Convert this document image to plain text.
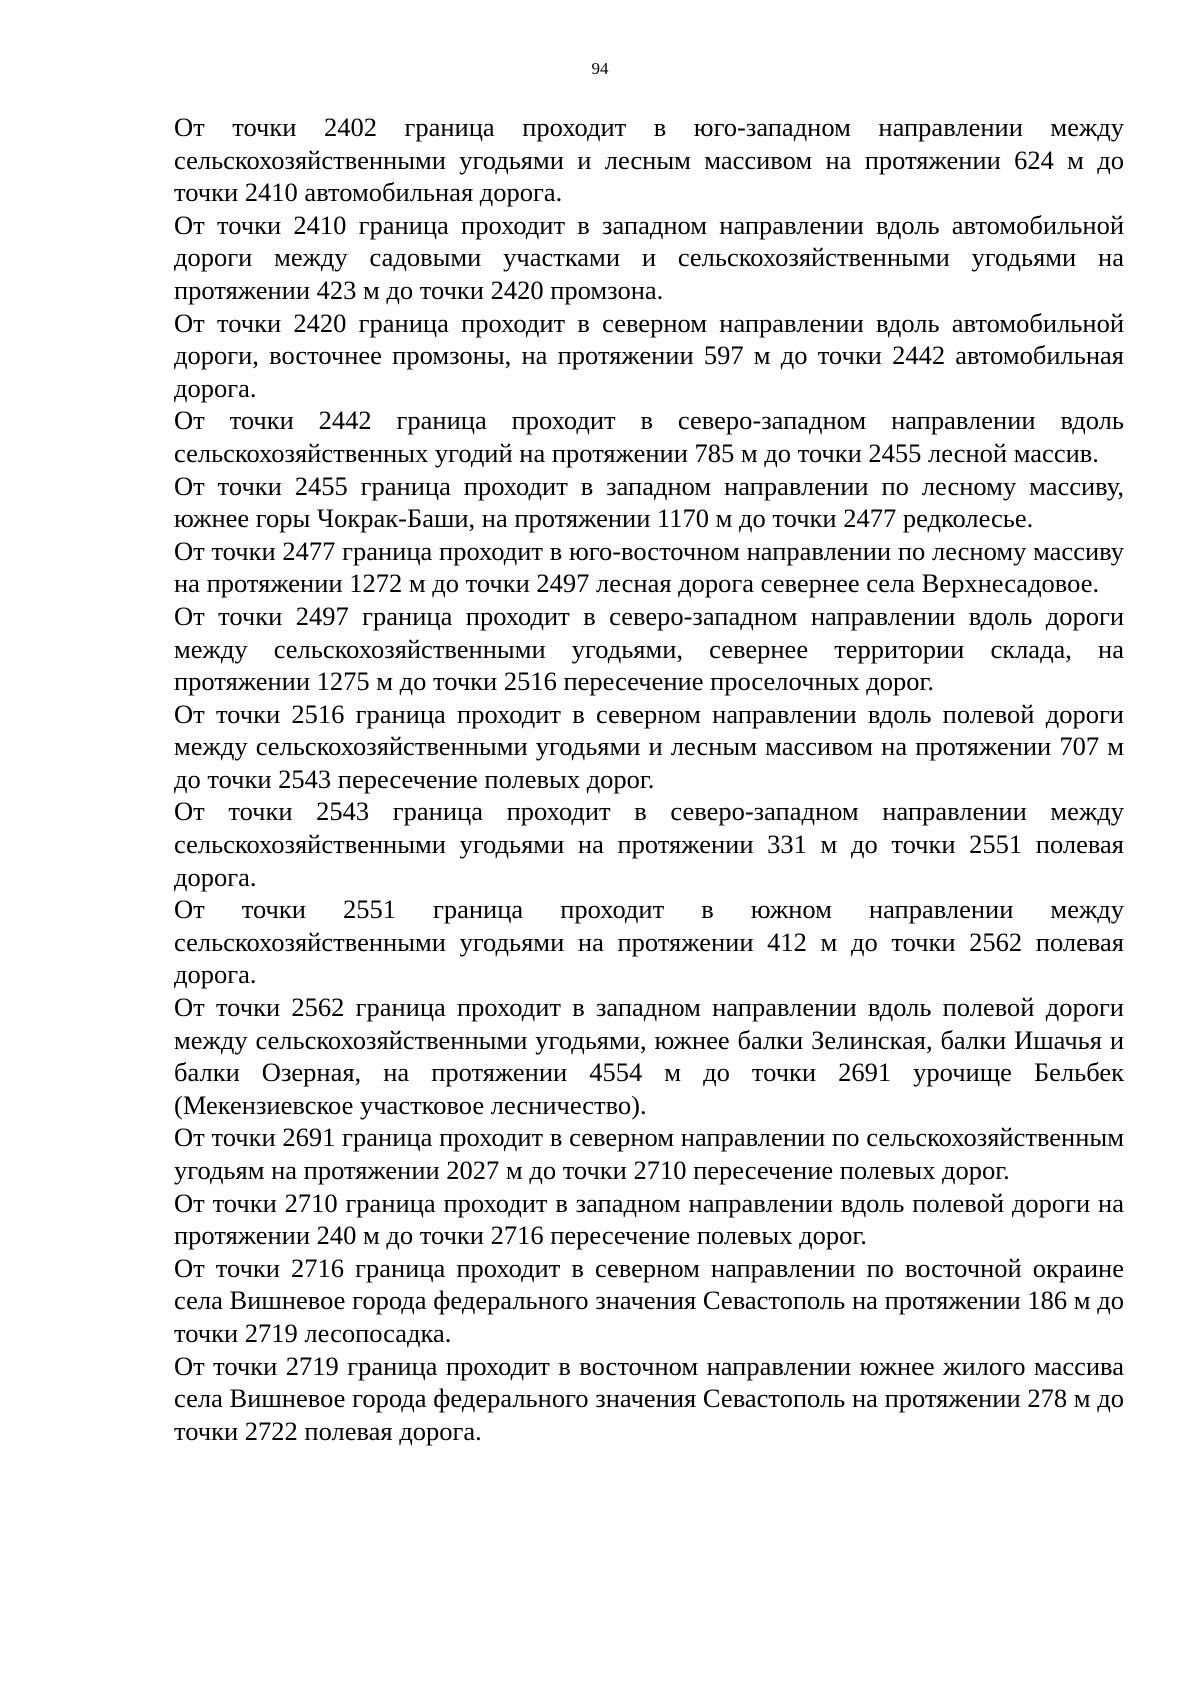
94

От точки 2402 граница проходит в юго-западном направлении между сельскохозяйственными угодьями и лесным массивом на протяжении 624 м до точки 2410 автомобильная дорога.

От точки 2410 граница проходит в западном направлении вдоль автомобильной дороги между садовыми участками и сельскохозяйственными угодьями на протяжении 423 м до точки 2420 промзона.

От точки 2420 граница проходит в северном направлении вдоль автомобильной дороги, восточнее промзоны, на протяжении 597 м до точки 2442 автомобильная дорога.

От точки 2442 граница проходит в северо-западном направлении вдоль сельскохозяйственных угодий на протяжении 785 м до точки 2455 лесной массив.

От точки 2455 граница проходит в западном направлении по лесному массиву, южнее горы Чокрак-Баши, на протяжении 1170 м до точки 2477 редколесье.

От точки 2477 граница проходит в юго-восточном направлении по лесному массиву на протяжении 1272 м до точки 2497 лесная дорога севернее села Верхнесадовое.

От точки 2497 граница проходит в северо-западном направлении вдоль дороги между сельскохозяйственными угодьями, севернее территории склада, на протяжении 1275 м до точки 2516 пересечение проселочных дорог.

От точки 2516 граница проходит в северном направлении вдоль полевой дороги между сельскохозяйственными угодьями и лесным массивом на протяжении 707 м до точки 2543 пересечение полевых дорог.

От точки 2543 граница проходит в северо-западном направлении между сельскохозяйственными угодьями на протяжении 331 м до точки 2551 полевая дорога.

От точки 2551 граница проходит в южном направлении между сельскохозяйственными угодьями на протяжении 412 м до точки 2562 полевая дорога.

От точки 2562 граница проходит в западном направлении вдоль полевой дороги между сельскохозяйственными угодьями, южнее балки Зелинская, балки Ишачья и балки Озерная, на протяжении 4554 м до точки 2691 урочище Бельбек (Мекензиевское участковое лесничество).

От точки 2691 граница проходит в северном направлении по сельскохозяйственным угодьям на протяжении 2027 м до точки 2710 пересечение полевых дорог.

От точки 2710 граница проходит в западном направлении вдоль полевой дороги на протяжении 240 м до точки 2716 пересечение полевых дорог.

От точки 2716 граница проходит в северном направлении по восточной окраине села Вишневое города федерального значения Севастополь на протяжении 186 м до точки 2719 лесопосадка.

От точки 2719 граница проходит в восточном направлении южнее жилого массива села Вишневое города федерального значения Севастополь на протяжении 278 м до точки 2722 полевая дорога.
